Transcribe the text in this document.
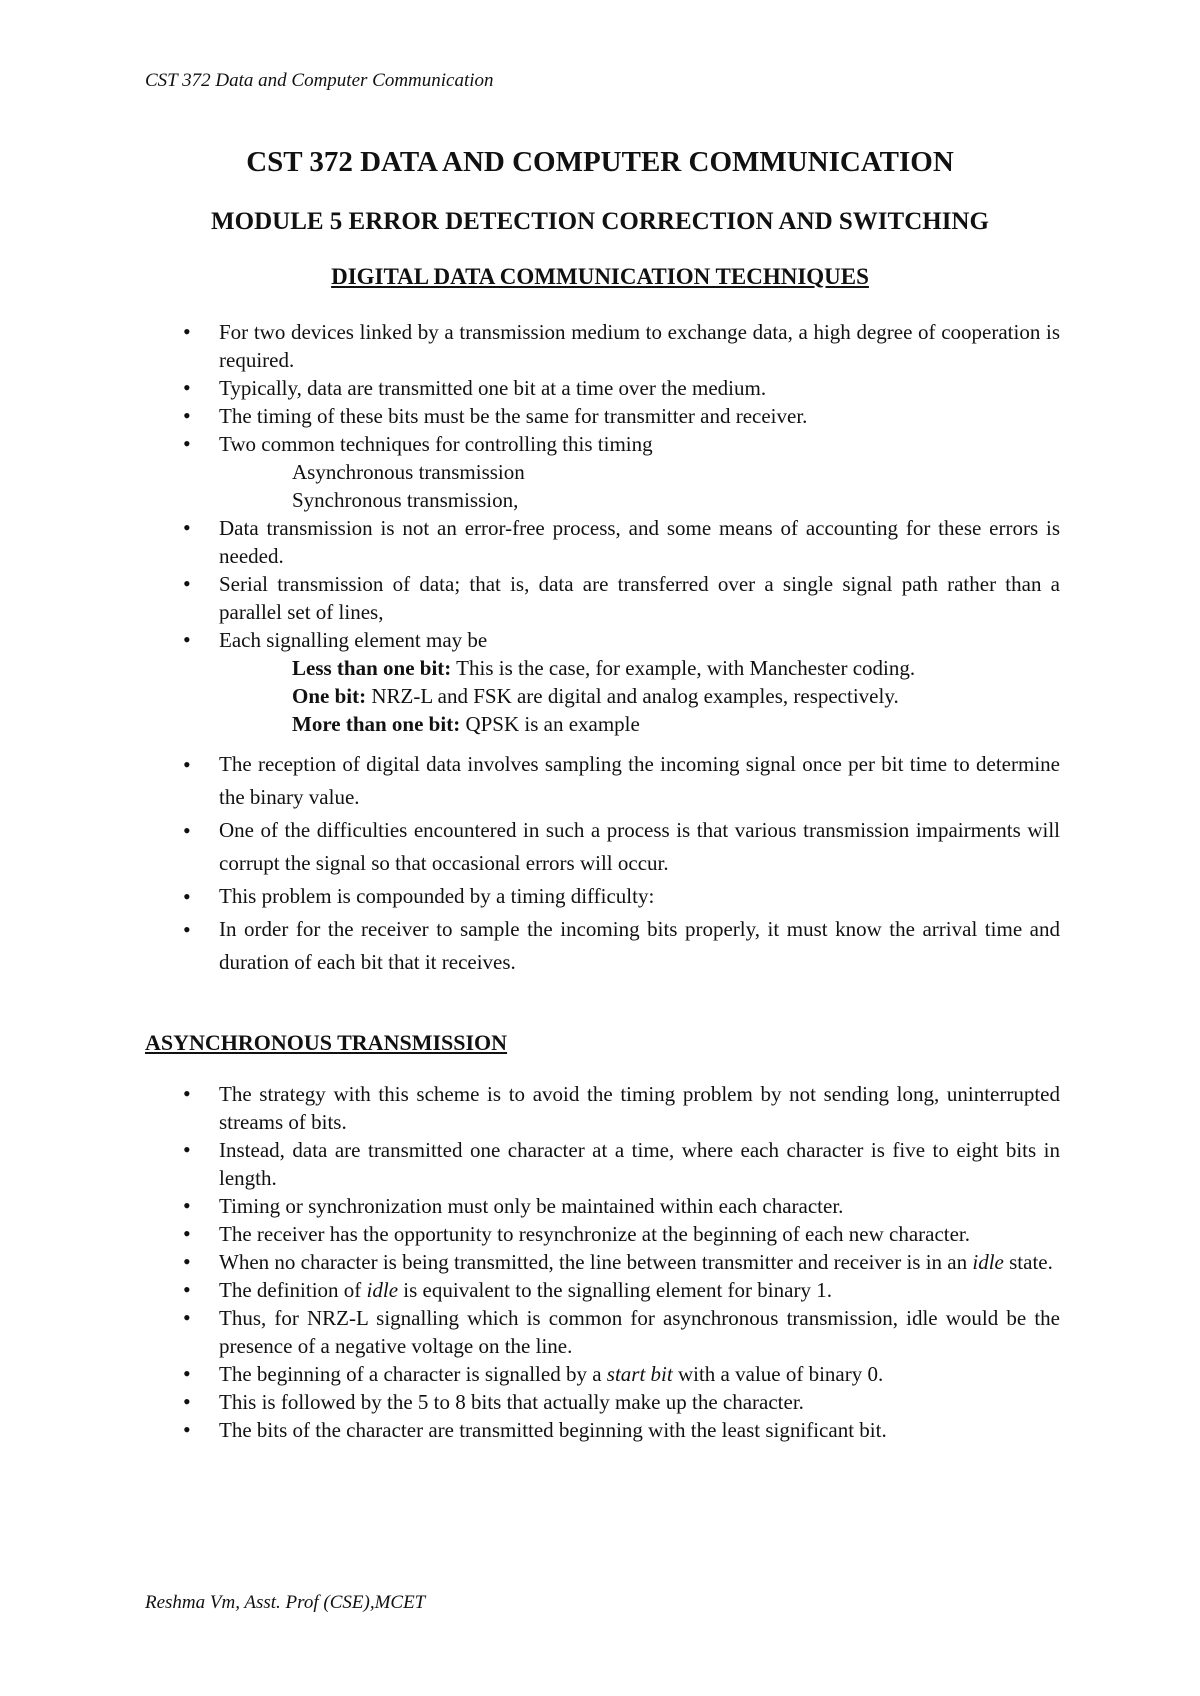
CST 372 Data and Computer Communication
CST 372 DATA AND COMPUTER COMMUNICATION
MODULE 5 ERROR DETECTION CORRECTION AND SWITCHING
DIGITAL DATA COMMUNICATION TECHNIQUES
• For two devices linked by a transmission medium to exchange data, a high degree of cooperation is required.
• Typically, data are transmitted one bit at a time over the medium.
• The timing of these bits must be the same for transmitter and receiver.
• Two common techniques for controlling this timing
Asynchronous transmission
Synchronous transmission,
• Data transmission is not an error-free process, and some means of accounting for these errors is needed.
• Serial transmission of data; that is, data are transferred over a single signal path rather than a parallel set of lines,
• Each signalling element may be
Less than one bit: This is the case, for example, with Manchester coding.
One bit: NRZ-L and FSK are digital and analog examples, respectively.
More than one bit: QPSK is an example
• The reception of digital data involves sampling the incoming signal once per bit time to determine the binary value.
• One of the difficulties encountered in such a process is that various transmission impairments will corrupt the signal so that occasional errors will occur.
• This problem is compounded by a timing difficulty:
• In order for the receiver to sample the incoming bits properly, it must know the arrival time and duration of each bit that it receives.
ASYNCHRONOUS TRANSMISSION
• The strategy with this scheme is to avoid the timing problem by not sending long, uninterrupted streams of bits.
• Instead, data are transmitted one character at a time, where each character is five to eight bits in length.
• Timing or synchronization must only be maintained within each character.
• The receiver has the opportunity to resynchronize at the beginning of each new character.
• When no character is being transmitted, the line between transmitter and receiver is in an idle state.
• The definition of idle is equivalent to the signalling element for binary 1.
• Thus, for NRZ-L signalling which is common for asynchronous transmission, idle would be the presence of a negative voltage on the line.
• The beginning of a character is signalled by a start bit with a value of binary 0.
• This is followed by the 5 to 8 bits that actually make up the character.
• The bits of the character are transmitted beginning with the least significant bit.
Reshma Vm, Asst. Prof (CSE),MCET
